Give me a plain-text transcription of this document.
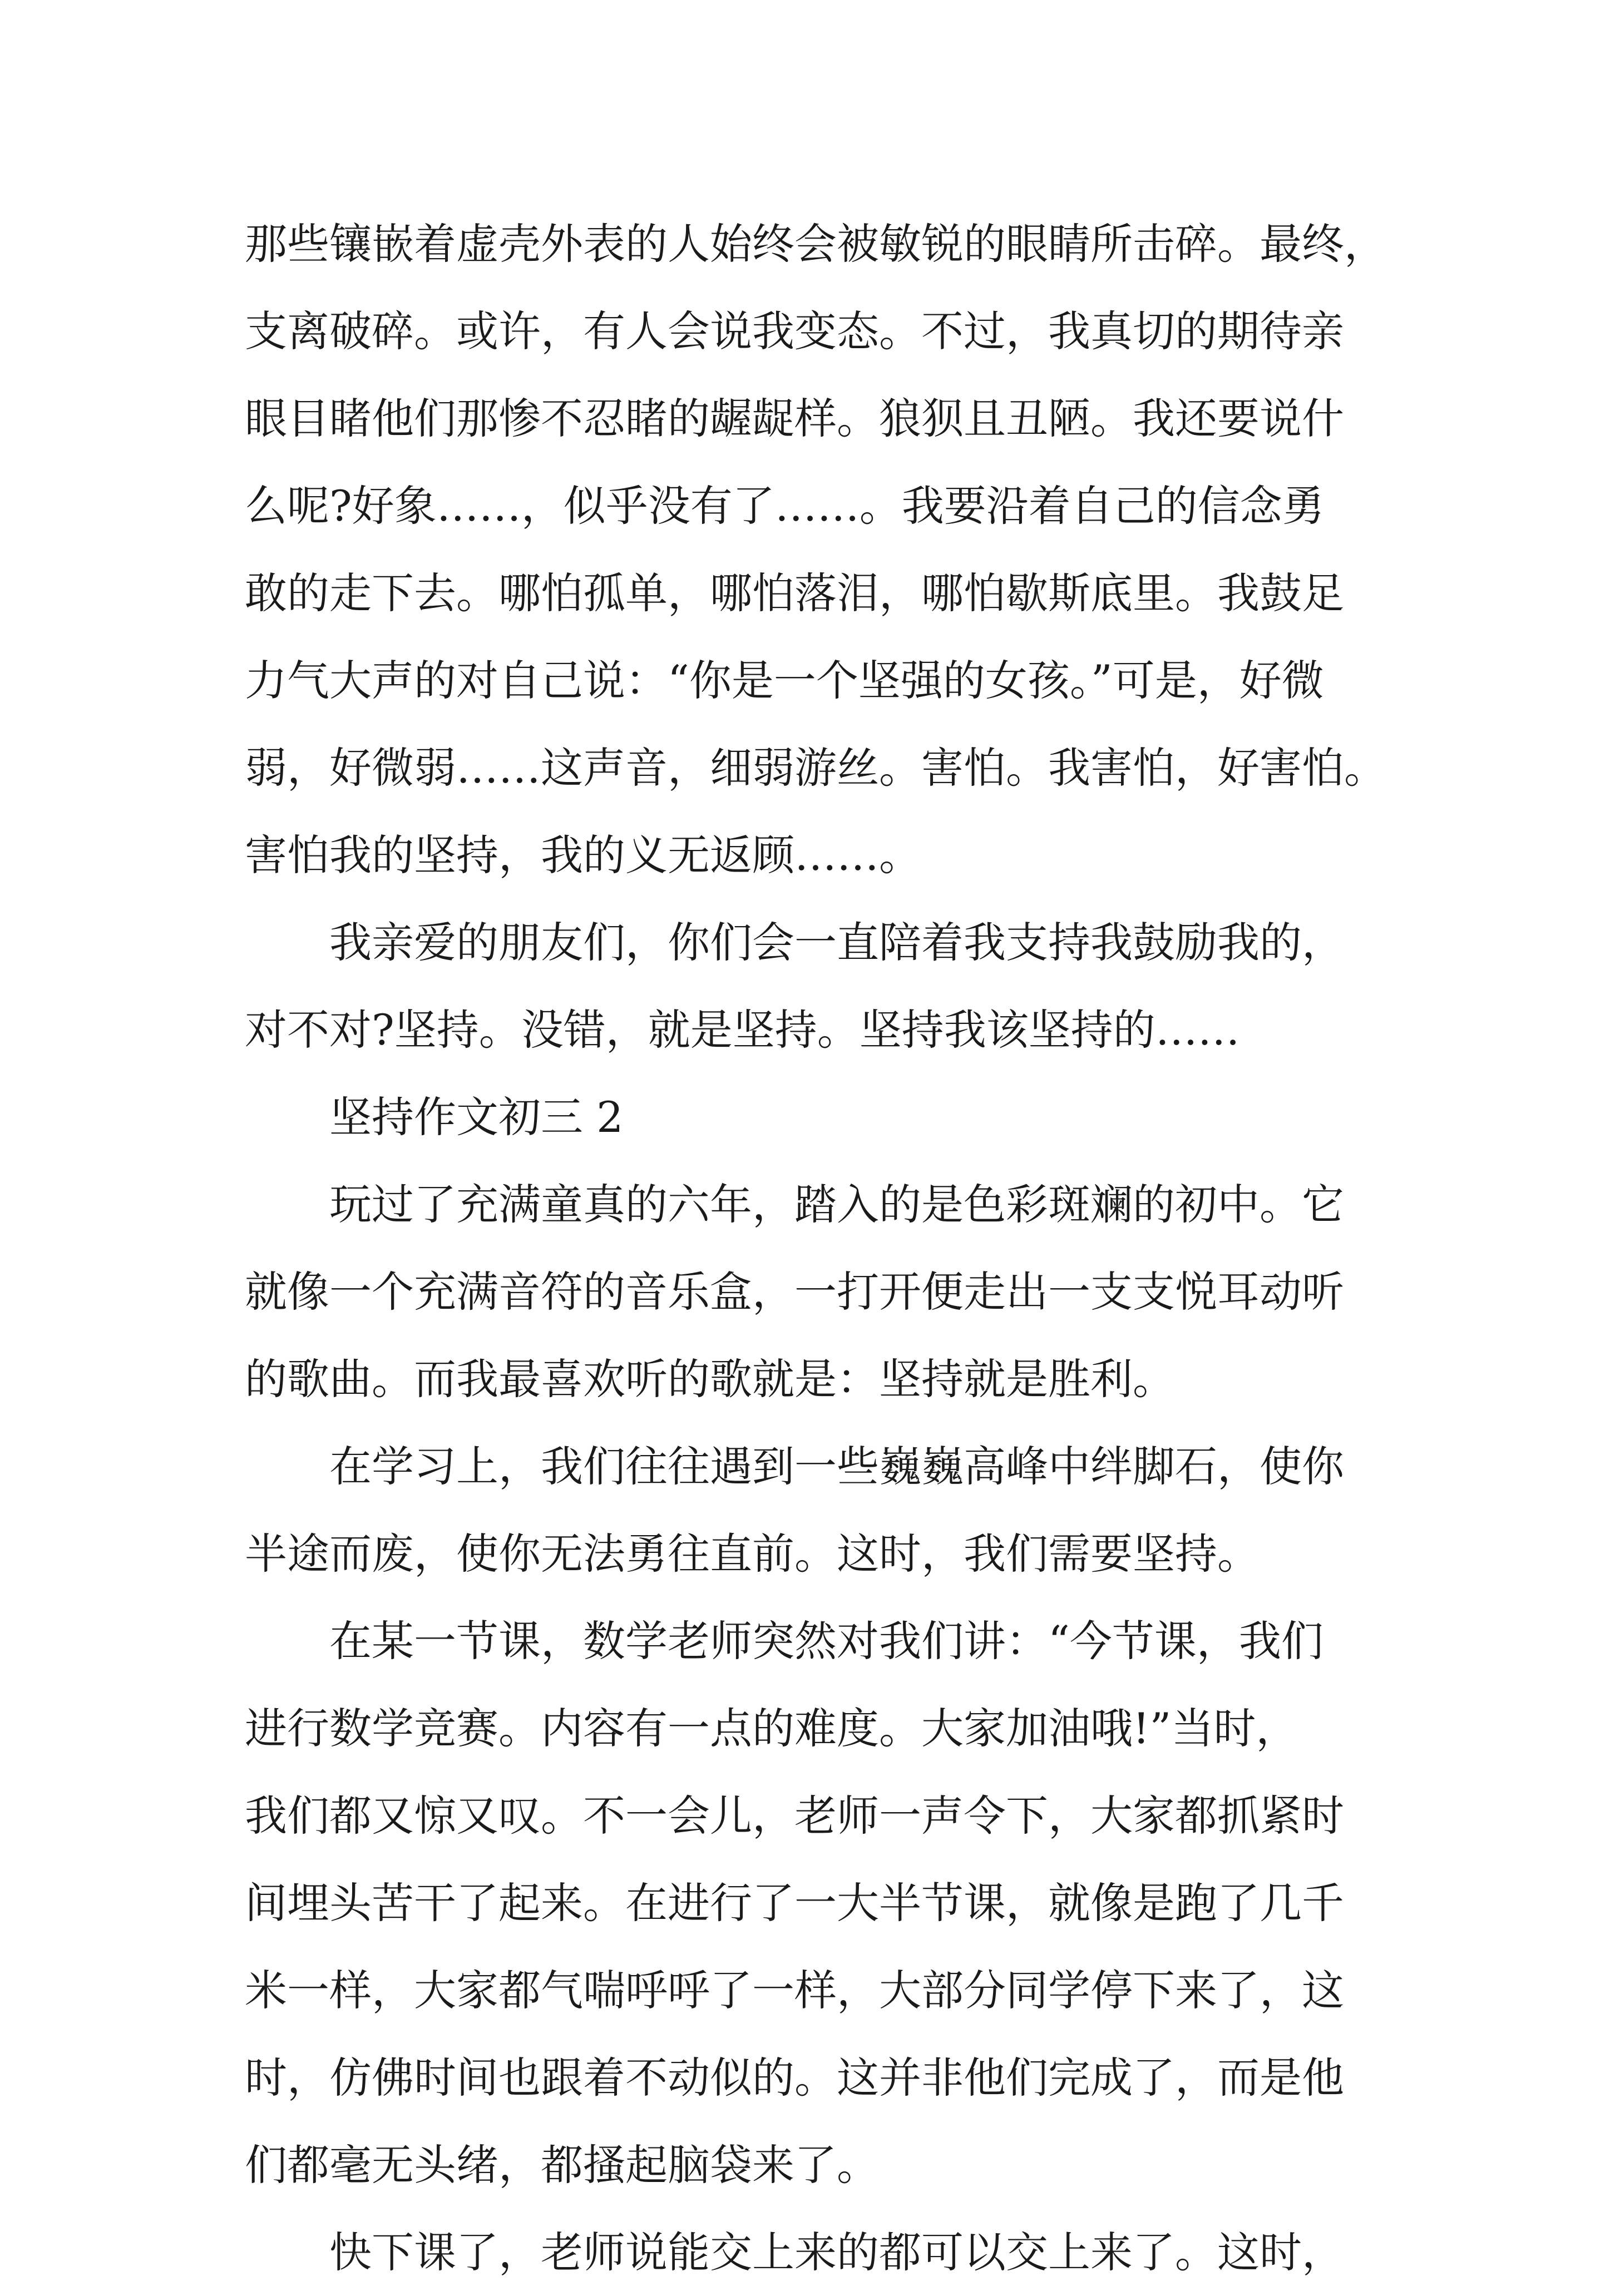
那些镶嵌着虚壳外表的人始终会被敏锐的眼睛所击碎。最终，
支离破碎。或许，有人会说我变态。不过，我真切的期待亲
眼目睹他们那惨不忍睹的龌龊样。狼狈且丑陋。我还要说什
么呢?好象……，似乎没有了……。我要沿着自己的信念勇
敢的走下去。哪怕孤单，哪怕落泪，哪怕歇斯底里。我鼓足
力气大声的对自己说：“你是一个坚强的女孩。”可是，好微
弱，好微弱……这声音，细弱游丝。害怕。我害怕，好害怕。
害怕我的坚持，我的义无返顾……。
我亲爱的朋友们，你们会一直陪着我支持我鼓励我的，
对不对?坚持。没错，就是坚持。坚持我该坚持的……
坚持作文初三 2
玩过了充满童真的六年，踏入的是色彩斑斓的初中。它
就像一个充满音符的音乐盒，一打开便走出一支支悦耳动听
的歌曲。而我最喜欢听的歌就是：坚持就是胜利。
在学习上，我们往往遇到一些巍巍高峰中绊脚石，使你
半途而废，使你无法勇往直前。这时，我们需要坚持。
在某一节课，数学老师突然对我们讲：“今节课，我们
进行数学竞赛。内容有一点的难度。大家加油哦!”当时，
我们都又惊又叹。不一会儿，老师一声令下，大家都抓紧时
间埋头苦干了起来。在进行了一大半节课，就像是跑了几千
米一样，大家都气喘呼呼了一样，大部分同学停下来了，这
时，仿佛时间也跟着不动似的。这并非他们完成了，而是他
们都毫无头绪，都搔起脑袋来了。
快下课了，老师说能交上来的都可以交上来了。这时，
